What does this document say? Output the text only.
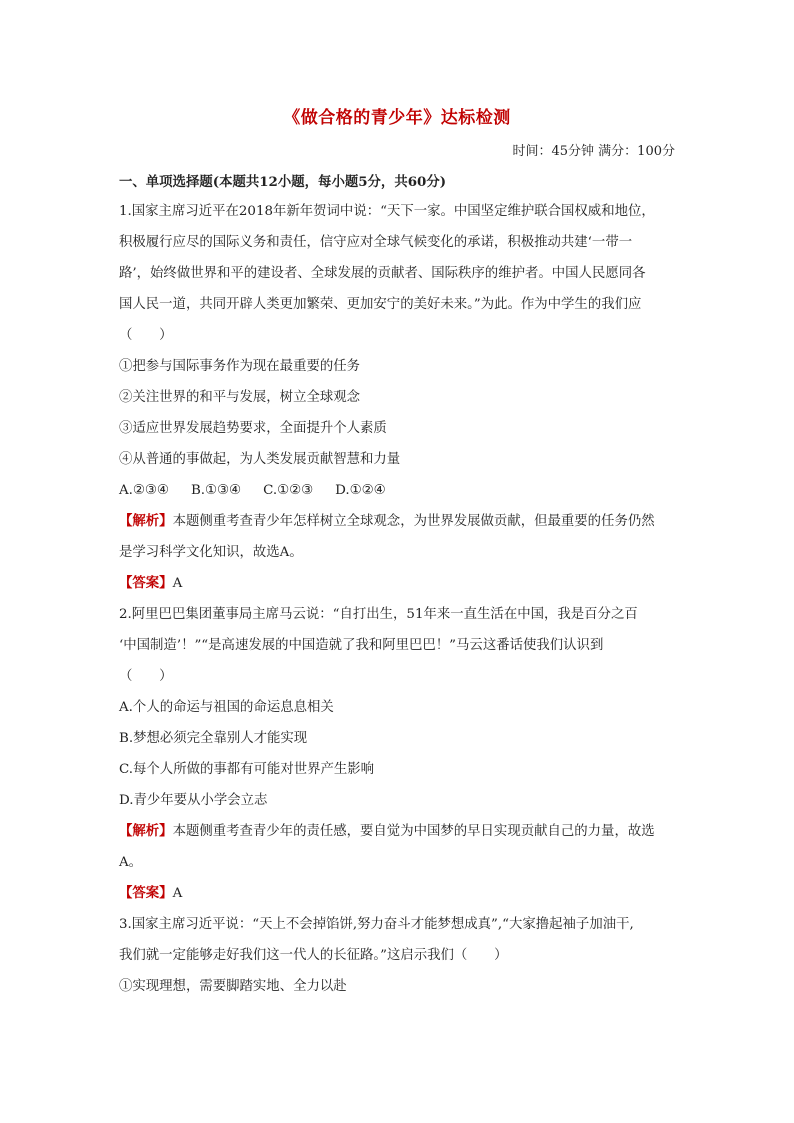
《做合格的青少年》达标检测
时间：45分钟 满分：100分
一、单项选择题(本题共12小题，每小题5分，共60分)
1.国家主席习近平在2018年新年贺词中说：“天下一家。中国坚定维护联合国权威和地位，
积极履行应尽的国际义务和责任，信守应对全球气候变化的承诺，积极推动共建‘一带一
路’，始终做世界和平的建设者、全球发展的贡献者、国际秩序的维护者。中国人民愿同各
国人民一道，共同开辟人类更加繁荣、更加安宁的美好未来。”为此。作为中学生的我们应
（　　）
①把参与国际事务作为现在最重要的任务
②关注世界的和平与发展，树立全球观念
③适应世界发展趋势要求，全面提升个人素质
④从普通的事做起，为人类发展贡献智慧和力量
A.②③④ B.①③④ C.①②③ D.①②④
【解析】本题侧重考查青少年怎样树立全球观念，为世界发展做贡献，但最重要的任务仍然
是学习科学文化知识，故选A。
【答案】A
2.阿里巴巴集团董事局主席马云说：“自打出生，51年来一直生活在中国，我是百分之百
‘中国制造’！”“是高速发展的中国造就了我和阿里巴巴！”马云这番话使我们认识到
（　　）
A.个人的命运与祖国的命运息息相关
B.梦想必须完全靠别人才能实现
C.每个人所做的事都有可能对世界产生影响
D.青少年要从小学会立志
【解析】本题侧重考查青少年的责任感，要自觉为中国梦的早日实现贡献自己的力量，故选
A。
【答案】A
3.国家主席习近平说：“天上不会掉馅饼,努力奋斗才能梦想成真”,“大家撸起袖子加油干,
我们就一定能够走好我们这一代人的长征路。”这启示我们（　　）
①实现理想，需要脚踏实地、全力以赴
